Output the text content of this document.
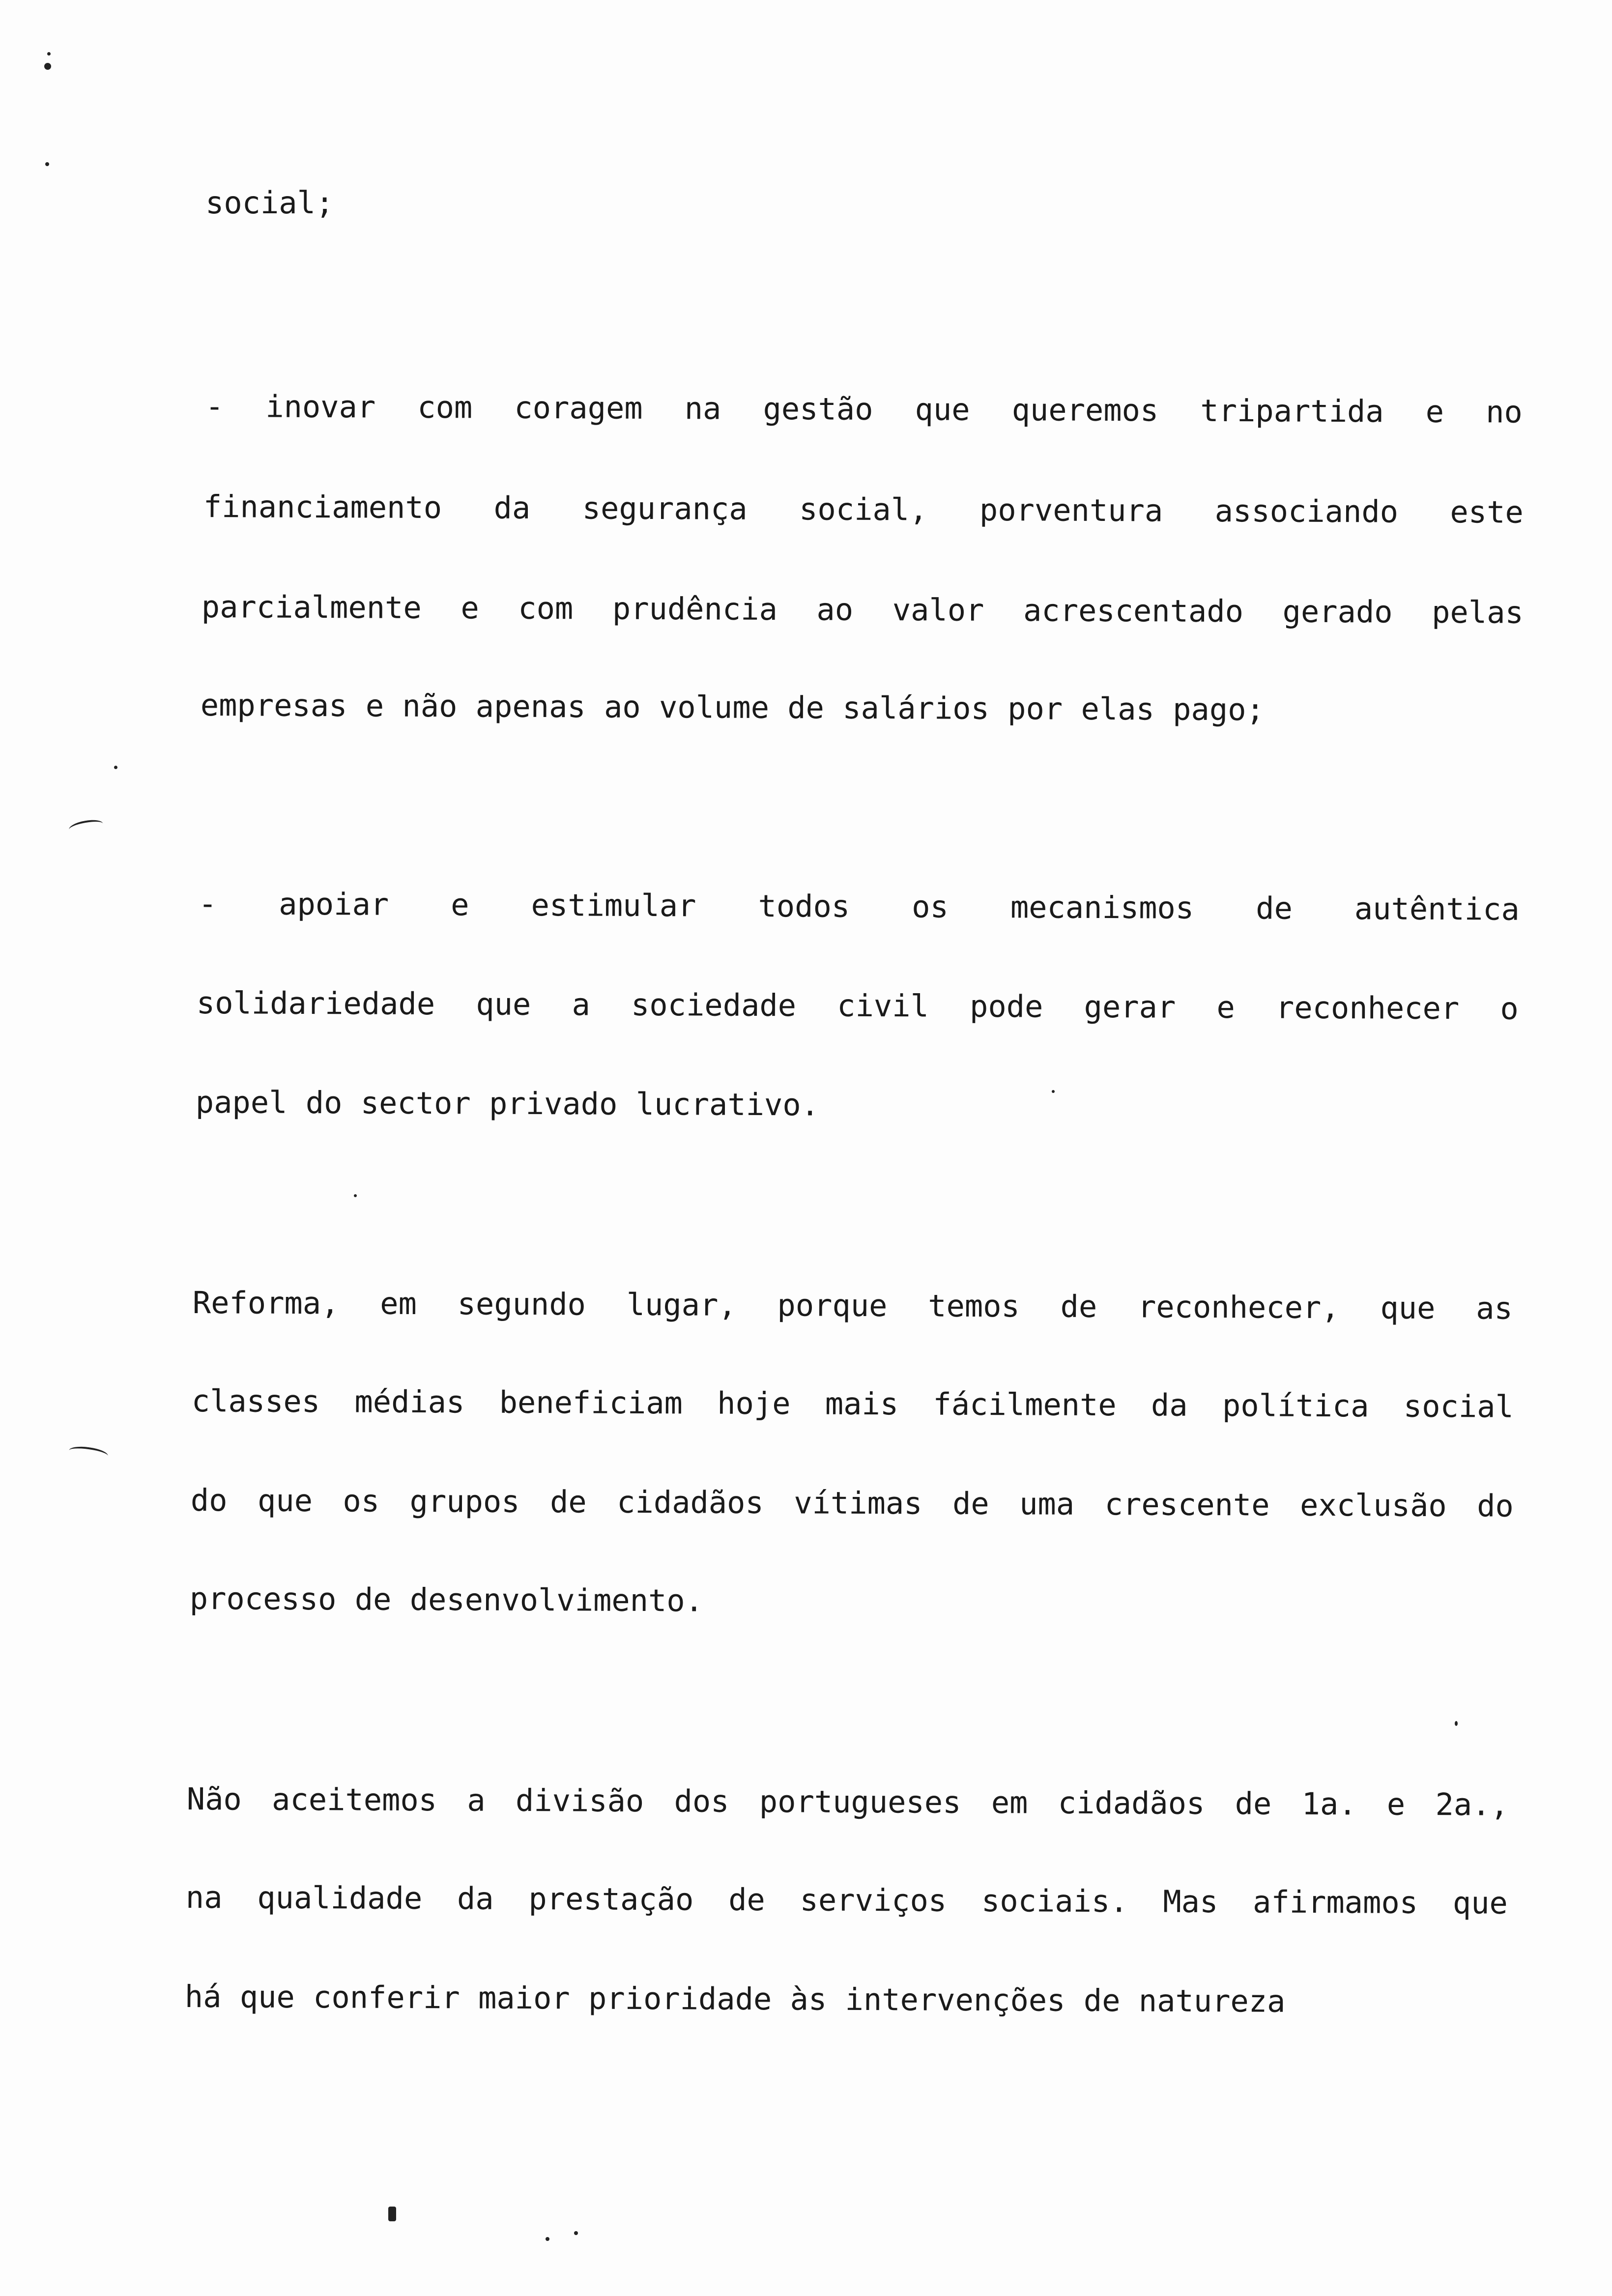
social;
- inovar com coragem na gestão que queremos tripartida e no
financiamento da segurança social, porventura associando este
parcialmente e com prudência ao valor acrescentado gerado pelas
empresas e não apenas ao volume de salários por elas pago;
- apoiar e estimular todos os mecanismos de autêntica
solidariedade que a sociedade civil pode gerar e reconhecer o
papel do sector privado lucrativo.
Reforma, em segundo lugar, porque temos de reconhecer, que as
classes médias beneficiam hoje mais fácilmente da política social
do que os grupos de cidadãos vítimas de uma crescente exclusão do
processo de desenvolvimento.
Não aceitemos a divisão dos portugueses em cidadãos de 1a. e 2a.,
na qualidade da prestação de serviços sociais. Mas afirmamos que
há que conferir maior prioridade às intervenções de natureza
